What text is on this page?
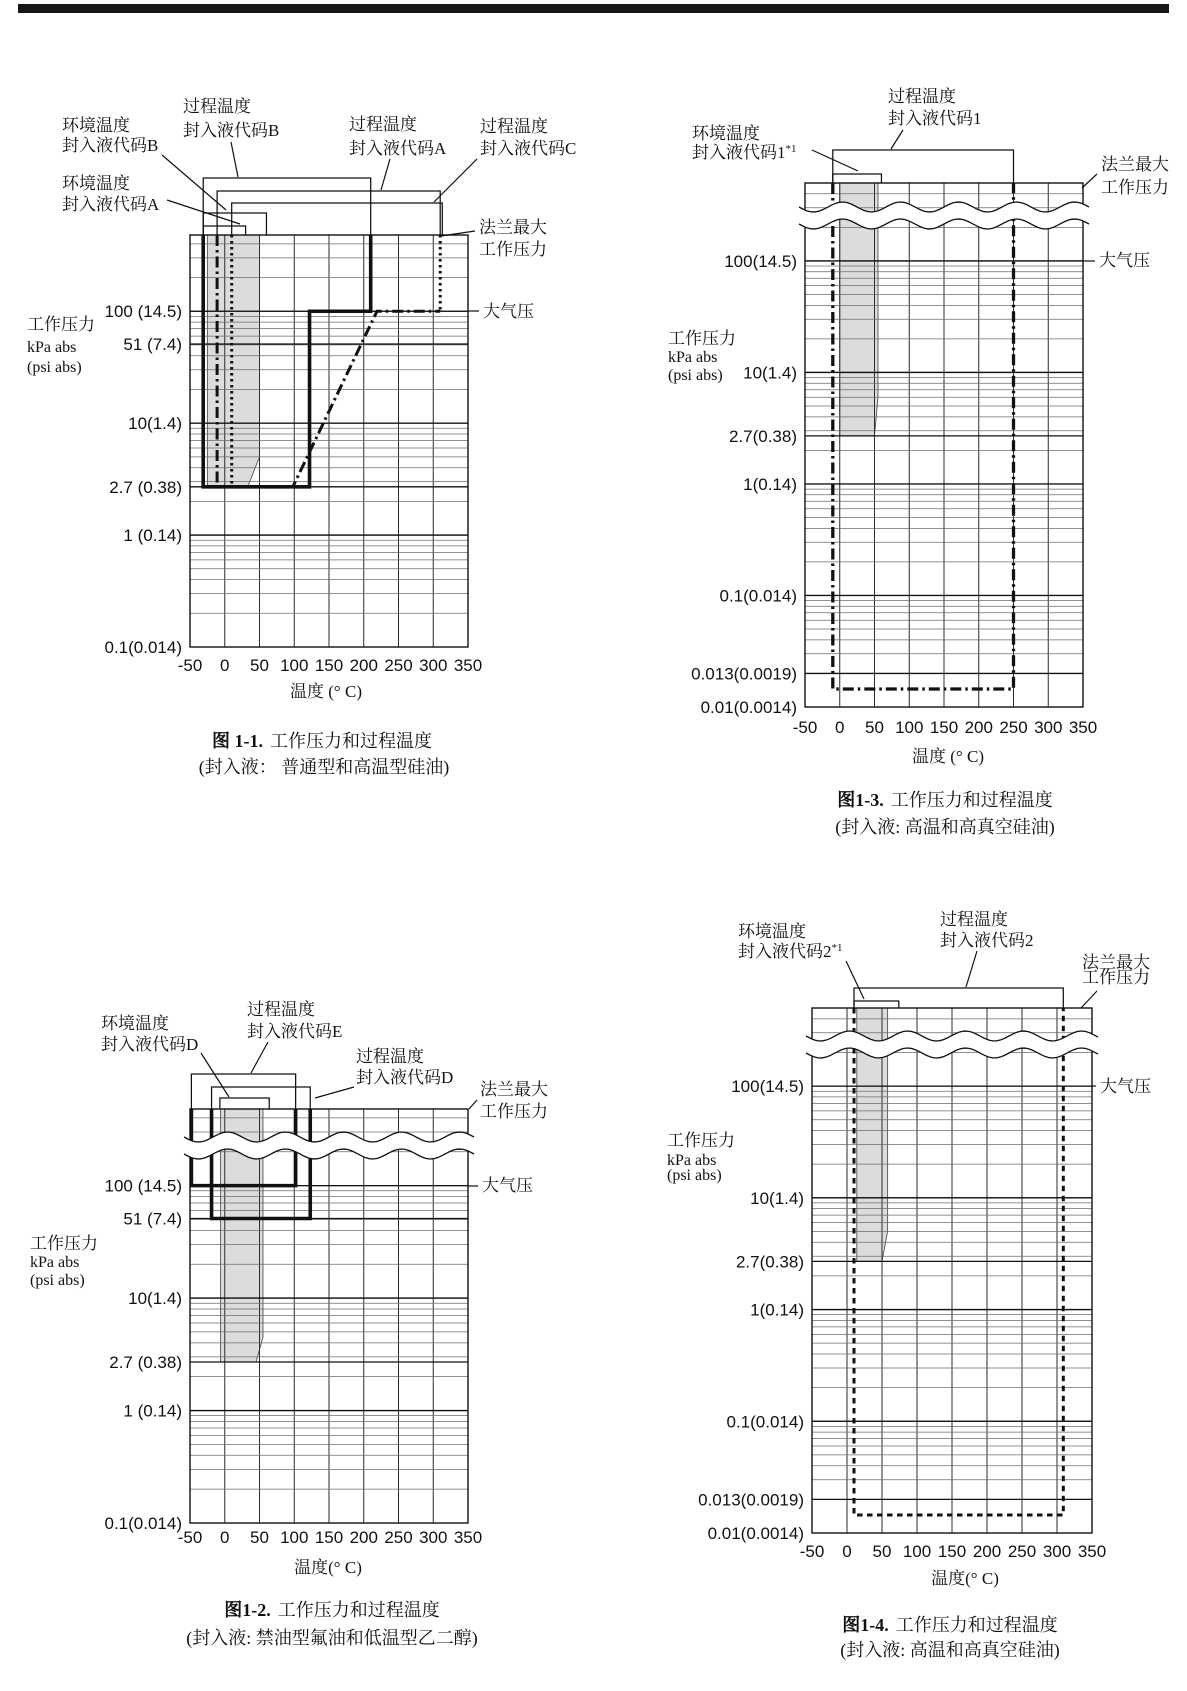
100 (14.5)
51 (7.4)
10(1.4)
2.7 (0.38)
1 (0.14)
0.1(0.014)
-50 0 50 100 150 200 250 300 350
温度 (° C)
工作压力
kPa abs
(psi abs)
环境温度
封入液代码B
过程温度
封入液代码B
环境温度
封入液代码A
过程温度
封入液代码A
过程温度
封入液代码C
法兰最大
工作压力
大气压
100 (14.5)
51 (7.4)
10(1.4)
2.7 (0.38)
1 (0.14)
0.1(0.014)
-50 0 50 100 150 200 250 300 350
温度(° C)
工作压力
kPa abs
(psi abs)
环境温度
封入液代码D
过程温度
封入液代码E
过程温度
封入液代码D
法兰最大
工作压力
大气压
100(14.5)
10(1.4)
2.7(0.38)
1(0.14)
0.1(0.014)
0.013(0.0019)
0.01(0.0014)
-50 0 50 100 150 200 250 300 350
温度 (° C)
工作压力
kPa abs
(psi abs)
过程温度
封入液代码1
环境温度
封入液代码1$^{*1}$
法兰最大
工作压力
大气压
100(14.5)
10(1.4)
2.7(0.38)
1(0.14)
0.1(0.014)
0.013(0.0019)
0.01(0.0014)
-50 0 50 100 150 200 250 300 350
温度(° C)
工作压力
kPa abs
(psi abs)
环境温度
封入液代码2$^{*1}$
过程温度
封入液代码2
法兰最大
工作压力
大气压
图 1-1. 工作压力和过程温度
(封入液： 普通型和高温型硅油)
图1-2. 工作压力和过程温度
(封入液: 禁油型氟油和低温型乙二醇)
图1-3. 工作压力和过程温度
(封入液: 高温和高真空硅油)
图1-4. 工作压力和过程温度
(封入液: 高温和高真空硅油)
